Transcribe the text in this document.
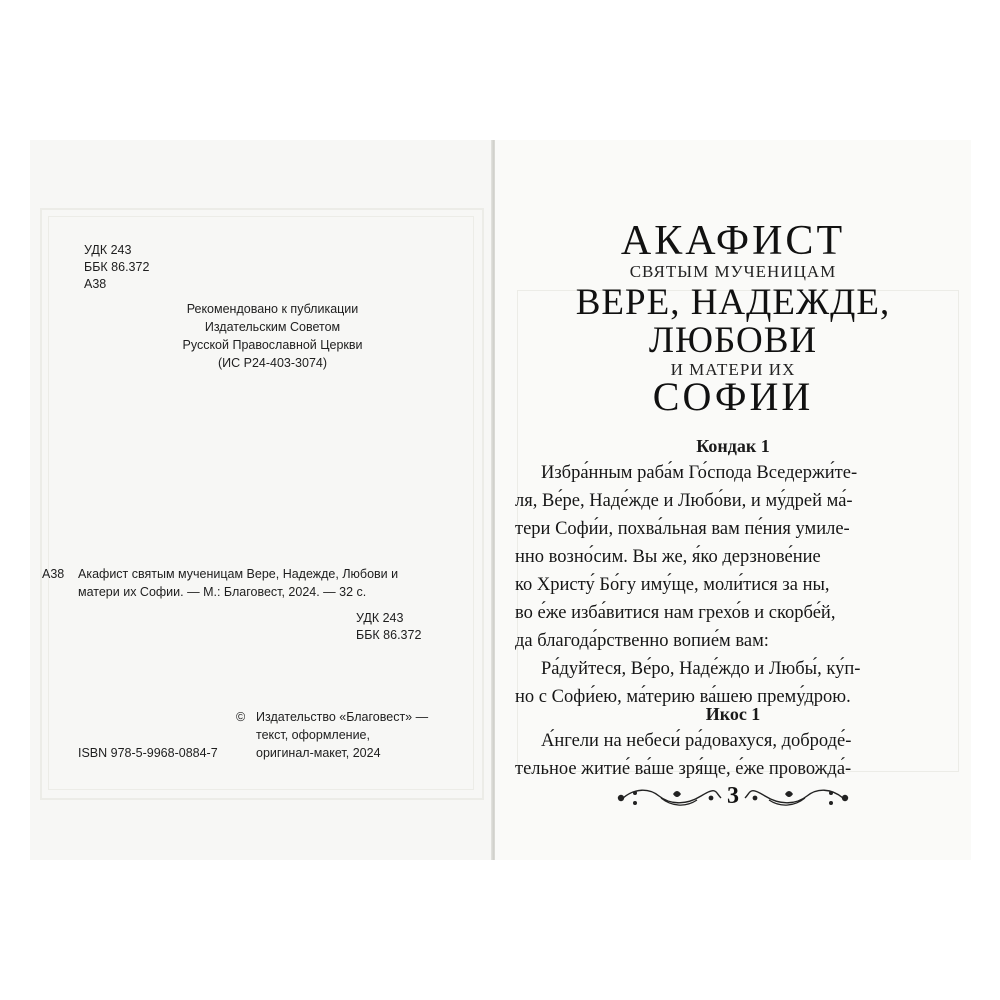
УДК 243
ББК 86.372
А38
Рекомендовано к публикации
Издательским Советом
Русской Православной Церкви
(ИС Р24-403-3074)
А38 Акафист святым мученицам Вере, Надежде, Любови и
матери их Софии. — М.: Благовест, 2024. — 32 с.
УДК 243
ББК 86.372
© Издательство «Благовест» —
текст, оформление,
оригинал-макет, 2024
ISBN 978-5-9968-0884-7
АКАФИСТ
СВЯТЫМ МУЧЕНИЦАМ
ВЕРЕ, НАДЕЖДЕ,
ЛЮБОВИ
И МАТЕРИ ИХ
СОФИИ
Кондак 1
Избра́нным раба́м Го́спода Вседержи́те-
ля, Ве́ре, Наде́жде и Любо́ви, и му́дрей ма́-
тери Софи́и, похва́льная вам пе́ния умиле-
нно возно́сим. Вы же, я́ко дерзнове́ние
ко Христу́ Бо́гу иму́ще, моли́тися за ны,
во е́же изба́витися нам грехо́в и скорбе́й,
да благода́рственно вопие́м вам:
Ра́дуйтеся, Ве́ро, Наде́ждо и Любы́, ку́п-
но с Софи́ею, ма́терию ва́шею прему́дрою.
Икос 1
А́нгели на небеси́ ра́довахуся, доброде́-
тельное житие́ ва́ше зря́ще, е́же провожда́-
3
